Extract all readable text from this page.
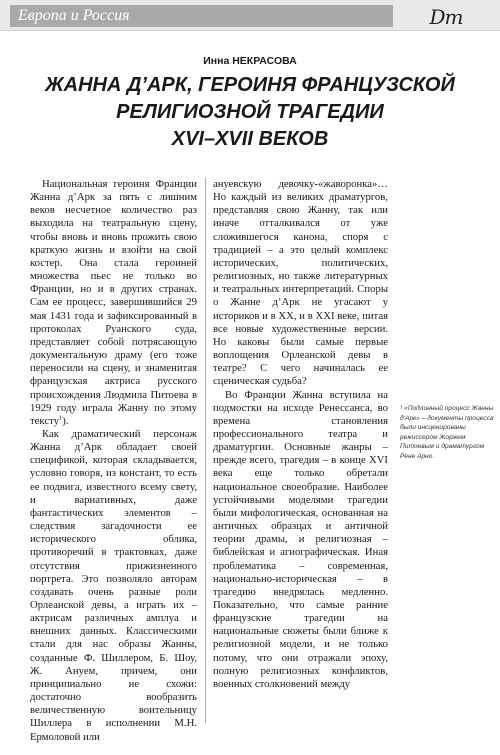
Европа и Россия	Dm
Инна НЕКРАСОВА
ЖАННА Д’АРК, ГЕРОИНЯ ФРАНЦУЗСКОЙ
РЕЛИГИОЗНОЙ ТРАГЕДИИ
XVI–XVII ВЕКОВ

Национальная героиня Франции Жанна д’Арк за пять с лишним веков несчетное количество раз выходила на театральную сцену, чтобы вновь и вновь прожить свою краткую жизнь и взойти на свой костер. Она стала героиней множества пьес не только во Франции, но и в других странах. Сам ее процесс, завершившийся 29 мая 1431 года и зафиксированный в протоколах Руанского суда, представляет собой потрясающую документальную драму (его тоже переносили на сцену, и знаменитая французская актриса русского происхождения Людмила Питоева в 1929 году играла Жанну по этому тексту$^1$).

Как драматический персонаж Жанна д’Арк обладает своей спецификой, которая складывается, условно говоря, из констант, то есть ее подвига, известного всему свету, и вариативных, даже фантастических элементов – следствия загадочности ее исторического облика, противоречий в трактовках, даже отсутствия прижизненного портрета. Это позволяло авторам создавать очень разные роли Орлеанской девы, а играть их – актрисам различных амплуа и внешних данных. Классическими стали для нас образы Жанны, созданные Ф. Шиллером, Б. Шоу, Ж. Ануем, причем, они принципиально не схожи: достаточно вообразить величественную воительницу Шиллера в исполнении М.Н. Ермоловой или

ануевскую девочку-«жаворонка»… Но каждый из великих драматургов, представляя свою Жанну, так или иначе отталкивался от уже сложившегося канона, споря с традицией – а это целый комплекс исторических, политических, религиозных, но также литературных и театральных интерпретаций. Споры о Жанне д’Арк не угасают у историков и в XX, и в XXI веке, питая все новые художественные версии. Но каковы были самые первые воплощения Орлеанской девы в театре? С чего начиналась ее сценическая судьба?

Во Франции Жанна вступила на подмостки на исходе Ренессанса, во времена становления профессионального театра и драматургии. Основные жанры – прежде всего, трагедия – в конце XVI века еще только обретали национальное своеобразие. Наиболее устойчивыми моделями трагедии были мифологическая, основанная на античных образцах и античной теории драмы, и религиозная – библейская и агиографическая. Иная проблематика – современная, национально-историческая – в трагедию внедрялась медленно. Показательно, что самые ранние французские трагедии на национальные сюжеты были ближе к религиозной модели, и не только потому, что они отражали эпоху, полную религиозных конфликтов, военных столкновений между

¹ «Подлинный процесс Жанны д’Арк» – документы процесса были инсценированы режиссером Жоржем Питоевым и драматургом Рене Арно.
